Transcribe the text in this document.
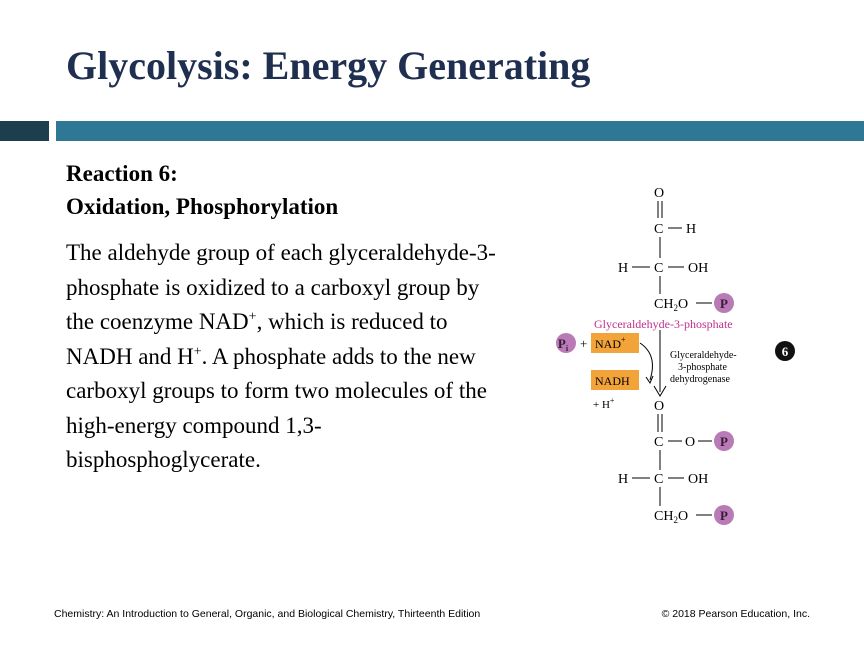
Glycolysis: Energy Generating
Reaction 6:
Oxidation, Phosphorylation
The aldehyde group of each glyceraldehyde-3-phosphate is oxidized to a carboxyl group by the coenzyme NAD+, which is reduced to NADH and H+. A phosphate adds to the new carboxyl groups to form two molecules of the high-energy compound 1,3-bisphosphoglycerate.
O
C H
H C OH
$CH_2O$ P
Glyceraldehyde-3-phosphate
$P_i + NAD^+$
NADH
+ H+
Glyceraldehyde-
3-phosphate
dehydrogenase
6
O
C O P
H C OH
$CH_2O$ P
Chemistry: An Introduction to General, Organic, and Biological Chemistry, Thirteenth Edition	© 2018 Pearson Education, Inc.
